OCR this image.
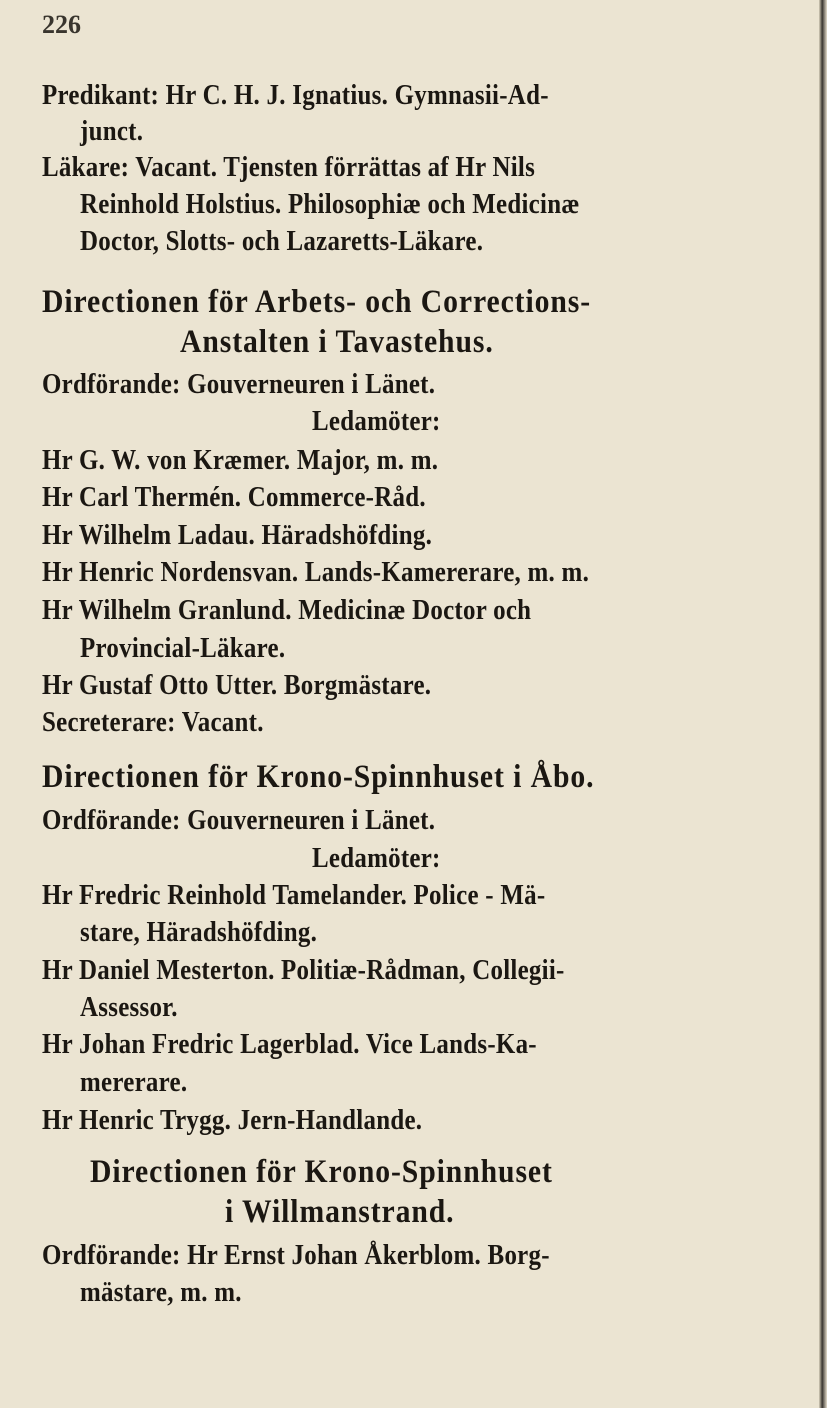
226
Predikant: Hr C. H. J. Ignatius. Gymnasii-Ad-
junct.
Läkare: Vacant. Tjensten förrättas af Hr Nils
Reinhold Holstius. Philosophiæ och Medicinæ
Doctor, Slotts- och Lazaretts-Läkare.
Directionen för Arbets- och Corrections-
Anstalten i Tavastehus.
Ordförande: Gouverneuren i Länet.
Ledamöter:
Hr G. W. von Kræmer. Major, m. m.
Hr Carl Thermén. Commerce-Råd.
Hr Wilhelm Ladau. Häradshöfding.
Hr Henric Nordensvan. Lands-Kamererare, m. m.
Hr Wilhelm Granlund. Medicinæ Doctor och
Provincial-Läkare.
Hr Gustaf Otto Utter. Borgmästare.
Secreterare: Vacant.
Directionen för Krono-Spinnhuset i Åbo.
Ordförande: Gouverneuren i Länet.
Ledamöter:
Hr Fredric Reinhold Tamelander. Police - Mä-
stare, Häradshöfding.
Hr Daniel Mesterton. Politiæ-Rådman, Collegii-
Assessor.
Hr Johan Fredric Lagerblad. Vice Lands-Ka-
mererare.
Hr Henric Trygg. Jern-Handlande.
Directionen för Krono-Spinnhuset
i Willmanstrand.
Ordförande: Hr Ernst Johan Åkerblom. Borg-
mästare, m. m.
